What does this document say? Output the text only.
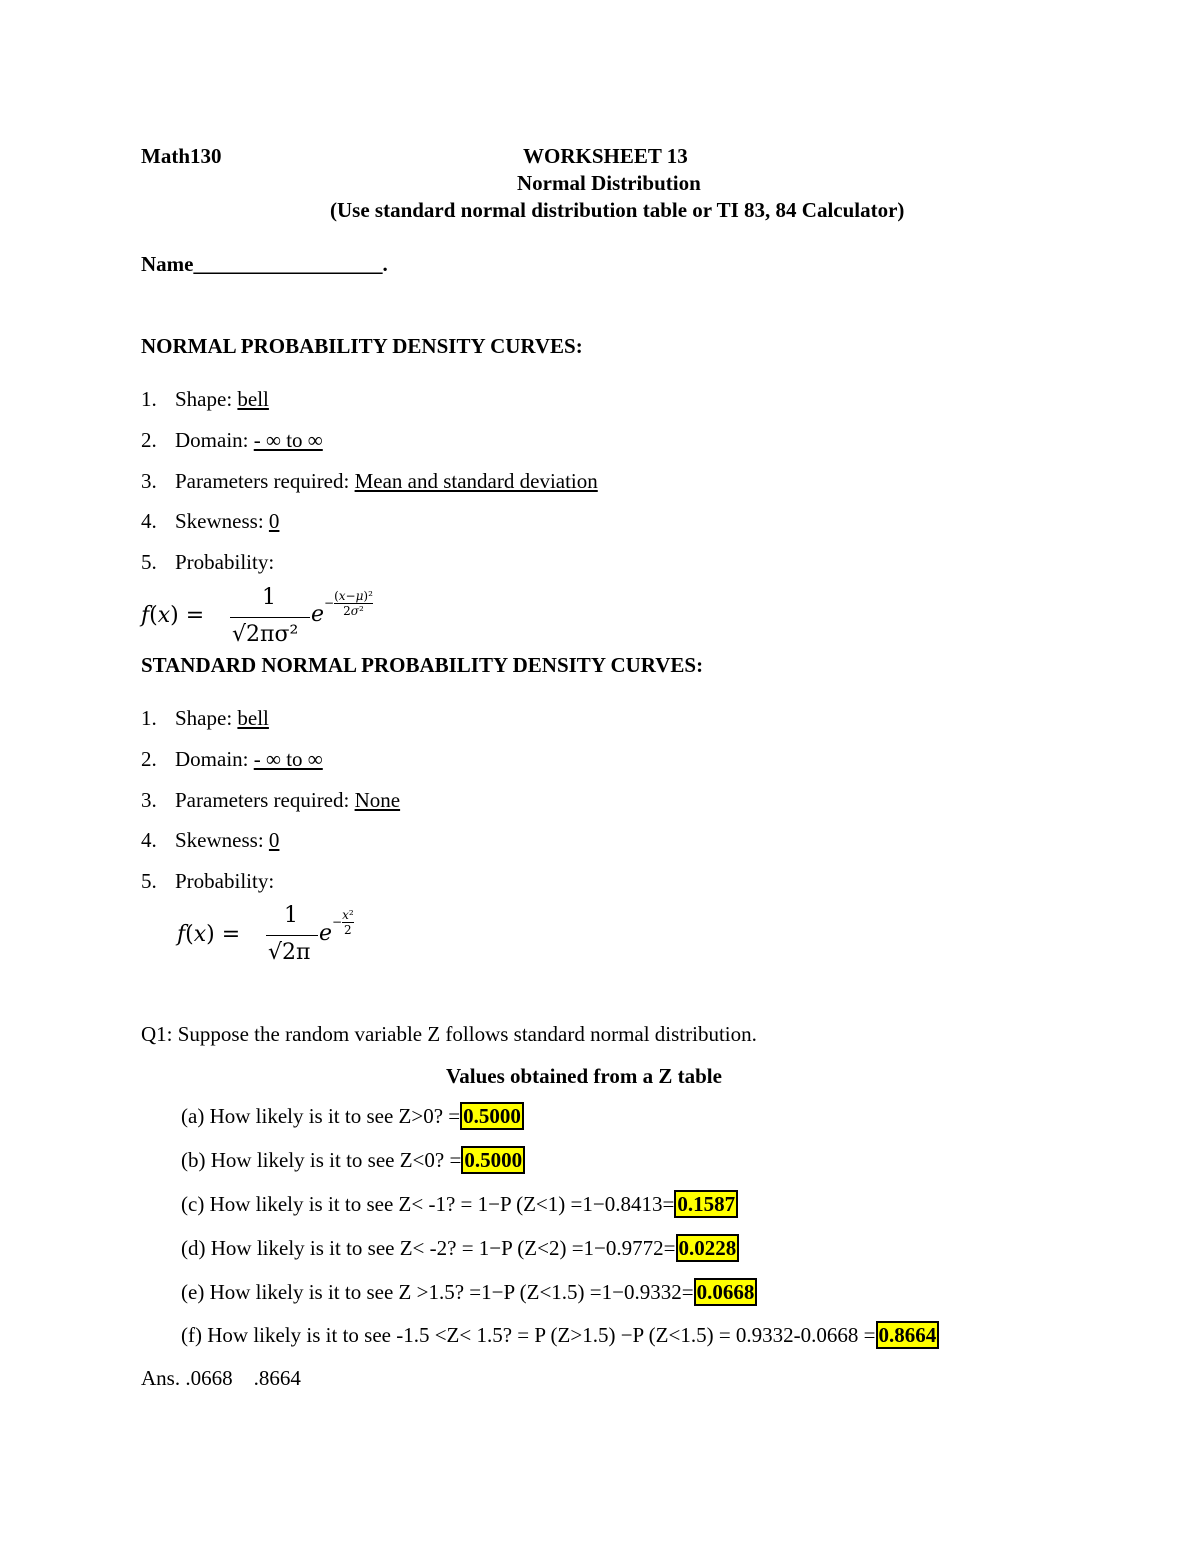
Math130	WORKSHEET 13
Normal Distribution
(Use standard normal distribution table or TI 83, 84 Calculator)
Name__________________.
NORMAL PROBABILITY DENSITY CURVES:
1. Shape: bell
2. Domain: - ∞ to ∞
3. Parameters required: Mean and standard deviation
4. Skewness: 0
5. Probability:
f(x) =
1
√2πσ²
$e - \frac{\text{(x−μ)²}}{\text{2σ²}}$
STANDARD NORMAL PROBABILITY DENSITY CURVES:
1. Shape: bell
2. Domain: - ∞ to ∞
3. Parameters required: None
4. Skewness: 0
5. Probability:
f(x) =
1
√2π
$e - \frac{\text{x²}}{2}$
Q1: Suppose the random variable Z follows standard normal distribution.
Values obtained from a Z table
(a) How likely is it to see Z>0? = 0.5000
(b) How likely is it to see Z<0? = 0.5000
(c) How likely is it to see Z< -1? = 1−P (Z<1) =1−0.8413= 0.1587
(d) How likely is it to see Z< -2? = 1−P (Z<2) =1−0.9772= 0.0228
(e) How likely is it to see Z >1.5? =1−P (Z<1.5) =1−0.9332= 0.0668
(f) How likely is it to see -1.5 <Z< 1.5? = P (Z>1.5) −P (Z<1.5) = 0.9332-0.0668 = 0.8664
Ans. .0668    .8664
